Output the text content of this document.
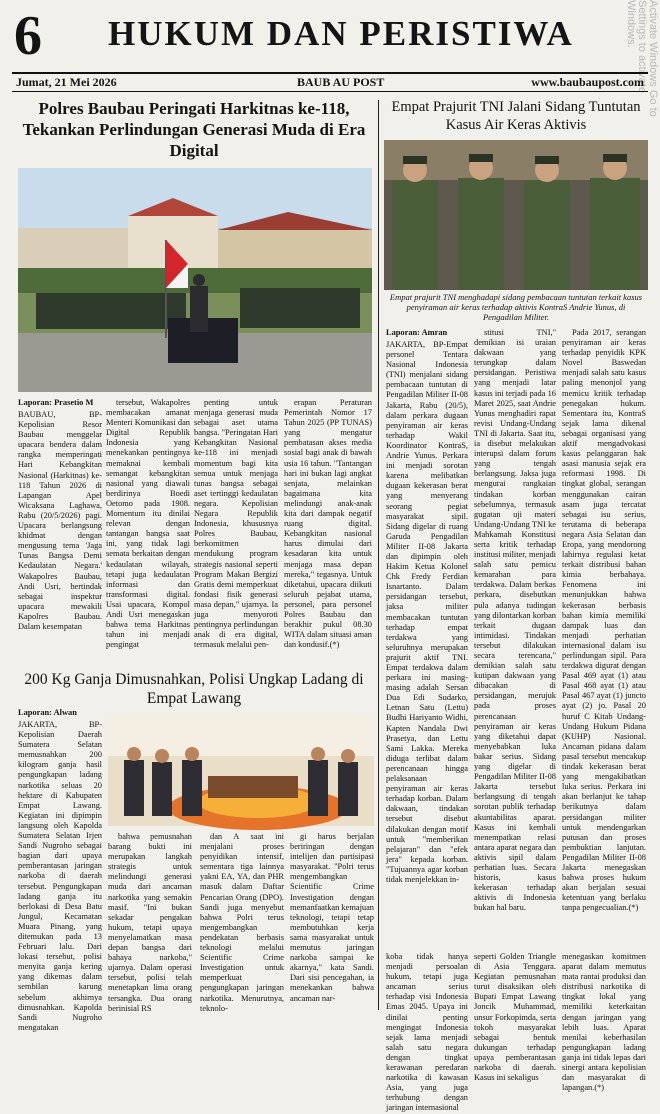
6 HUKUM DAN PERISTIWA	Activate Windows Go to Settings to activate Windows.
Jumat, 21 Mei 2026	BAUB AU POST	www.baubaupost.com
Polres Baubau Peringati Harkitnas ke-118, Tekankan Perlindungan Generasi Muda di Era Digital
Laporan: Prasetio M
BAUBAU, BP-Kepolisian Resor Baubau menggelar upacara bendera dalam rangka memperingati Hari Kebangkitan Nasional (Harkitnas) ke-118 Tahun 2026 di Lapangan Apel Wicaksana Laghawa, Rabu (20/5/2026) pagi. Upacara berlangsung khidmat dengan mengusung tema 'Jaga Tunas Bangsa Demi Kedaulatan Negara.' Wakapolres Baubau, Andi Usri, bertindak sebagai inspektur upacara mewakili Kapolres Baubau. Dalam kesempatan
tersebut, Wakapolres membacakan amanat Menteri Komunikasi dan Digital Republik Indonesia yang menekankan pentingnya memaknai kembali semangat kebangkitan nasional yang diawali berdirinya Boedi Oetomo pada 1908. Momentum itu dinilai relevan dengan tantangan bangsa saat ini, yang tidak lagi semata berkaitan dengan kedaulatan wilayah, tetapi juga kedaulatan informasi dan transformasi digital. Usai upacara, Kompol Andi Usri menegaskan bahwa tema Harkitnas tahun ini menjadi pengingat
penting untuk menjaga generasi muda sebagai aset utama bangsa. "Peringatan Hari Kebangkitan Nasional ke-118 ini menjadi momentum bagi kita semua untuk menjaga tunas bangsa sebagai aset tertinggi kedaulatan negara. Kepolisian Negara Republik Indonesia, khususnya Polres Baubau, berkomitmen mendukung program strategis nasional seperti Program Makan Bergizi Gratis demi memperkuat fondasi fisik generasi masa depan," ujarnya. Ia juga menyoroti pentingnya perlindungan anak di era digital, termasuk melalui pen-
erapan Peraturan Pemerintah Nomor 17 Tahun 2025 (PP TUNAS) yang mengatur pembatasan akses media sosial bagi anak di bawah usia 16 tahun. "Tantangan hari ini bukan lagi angkat senjata, melainkan bagaimana kita melindungi anak-anak kita dari dampak negatif ruang digital. Kebangkitan nasional harus dimulai dari kesadaran kita untuk menjaga masa depan mereka," tegasnya. Untuk diketahui, upacara diikuti seluruh pejabat utama, personel, para personel Polres Baubau dan berakhir pukul 08.30 WITA dalam situasi aman dan kondusif.(*)
Empat Prajurit TNI Jalani Sidang Tuntutan Kasus Air Keras Aktivis
Empat prajurit TNI menghadapi sidang pembacaan tuntutan terkait kasus penyiraman air keras terhadap aktivis KontraS Andrie Yunus, di Pengadilan Militer.
Laporan: Amran
JAKARTA, BP-Empat personel Tentara Nasional Indonesia (TNI) menjalani sidang pembacaan tuntutan di Pengadilan Militer II-08 Jakarta, Rabu (20/5), dalam perkara dugaan penyiraman air keras terhadap Wakil Koordinator KontraS, Andrie Yunus. Perkara ini menjadi sorotan karena melibatkan dugaan kekerasan berat yang menyerang seorang pegiat masyarakat sipil. Sidang digelar di ruang Garuda Pengadilan Militer II-08 Jakarta dan dipimpin oleh Hakim Ketua Kolonel Chk Fredy Ferdian Isnartanto. Dalam persidangan tersebut, jaksa militer membacakan tuntutan terhadap empat terdakwa yang seluruhnya merupakan prajurit aktif TNI. Empat terdakwa dalam perkara ini masing-masing adalah Sersan Dua Edi Sudarko, Letnan Satu (Lettu) Budhi Hariyanto Widhi, Kapten Nandala Dwi Prasetya, dan Lettu Sami Lakka. Mereka diduga terlibat dalam perencanaan hingga pelaksanaan penyiraman air keras terhadap korban. Dalam dakwaan, tindakan tersebut disebut dilakukan dengan motif untuk "memberikan pelajaran" dan "efek jera" kepada korban. "Tujuannya agar korban tidak menjelekkan in-
stitusi TNI," demikian isi uraian dakwaan yang terungkap dalam persidangan. Peristiwa yang menjadi latar kasus ini terjadi pada 16 Maret 2025, saat Andrie Yunus menghadiri rapat revisi Undang-Undang TNI di Jakarta. Saat itu, ia disebut melakukan interupsi dalam forum yang tengah berlangsung. Jaksa juga mengurai rangkaian tindakan korban sebelumnya, termasuk gugatan uji materi Undang-Undang TNI ke Mahkamah Konstitusi serta kritik terhadap institusi militer, menjadi salah satu pemicu kemarahan para terdakwa. Dalam berkas perkara, disebutkan pula adanya tudingan yang dilontarkan korban terkait dugaan intimidasi. Tindakan tersebut dilakukan secara terencana," demikian salah satu kutipan dakwaan yang dibacakan di persidangan, merujuk pada proses perencanaan penyiraman air keras yang diketahui dapat menyebabkan luka bakar serius. Sidang yang digelar di Pengadilan Militer II-08 Jakarta tersebut berlangsung di tengah sorotan publik terhadap akuntabilitas aparat. Kasus ini kembali menempatkan relasi antara aparat negara dan aktivis sipil dalam perhatian luas. Secara historis, kasus kekerasan terhadap aktivis di Indonesia bukan hal baru.
Pada 2017, serangan penyiraman air keras terhadap penyidik KPK Novel Baswedan menjadi salah satu kasus paling menonjol yang memicu kritik terhadap penegakan hukum. Sementara itu, KontraS sejak lama dikenal sebagai organisasi yang aktif mengadvokasi kasus pelanggaran hak asasi manusia sejak era reformasi 1998. Di tingkat global, serangan menggunakan cairan asam juga tercatat sebagai isu serius, terutama di beberapa negara Asia Selatan dan Eropa, yang mendorong lahirnya regulasi ketat terkait distribusi bahan kimia berbahaya. Fenomena ini menunjukkan bahwa kekerasan berbasis bahan kimia memiliki dampak luas dan menjadi perhatian internasional dalam isu perlindungan sipil. Para terdakwa digurat dengan Pasal 469 ayat (1) atau Pasal 468 ayat (1) atau Pasal 467 ayat (1) juncto ayat (2) jo. Pasal 20 huruf C Kitab Undang-Undang Hukum Pidana (KUHP) Nasional. Ancaman pidana dalam pasal tersebut mencakup tindak kekerasan berat yang mengakibatkan luka serius. Perkara ini akan berlanjut ke tahap berikutnya dalam persidangan militer untuk mendengarkan putusan dan proses pembuktian lanjutan. Pengadilan Militer II-08 Jakarta menegaskan bahwa proses hukum akan berjalan sesuai ketentuan yang berlaku tanpa pengecualian.(*)
200 Kg Ganja Dimusnahkan, Polisi Ungkap Ladang di Empat Lawang
Laporan: Alwan
JAKARTA, BP-Kepolisian Daerah Sumatera Selatan memusnahkan 200 kilogram ganja hasil pengungkapan ladang narkotika seluas 20 hektare di Kabupaten Empat Lawang. Kegiatan ini dipimpin langsung oleh Kapolda Sumatera Selatan Irjen Sandi Nugroho sebagai bagian dari upaya pemberantasan jaringan narkoba di daerah tersebut. Pengungkapan ladang ganja itu berlokasi di Desa Batu Jungul, Kecamatan Muara Pinang, yang ditemukan pada 13 Februari lalu. Dari lokasi tersebut, polisi menyita ganja kering yang dikemas dalam sembilan karung sebelum akhirnya dimusnahkan. Kapolda Sandi Nugroho mengatakan
bahwa pemusnahan barang bukti ini merupakan langkah strategis untuk melindungi generasi muda dari ancaman narkotika yang semakin masif. "Ini bukan sekadar pengakan hukum, tetapi upaya menyelamatkan masa depan bangsa dari bahaya narkoba," ujarnya. Dalam operasi tersebut, polisi telah menetapkan lima orang tersangka. Dua orang berinisial RS
dan A saat ini menjalani proses penyidikan intensif, sementara tiga lainnya yakni EA, YA, dan PHR masuk dalam Daftar Pencarian Orang (DPO). Sandi juga menyebut bahwa Polri terus mengembangkan pendekatan berbasis teknologi melalui Scientific Crime Investigation untuk memperkuat pengungkapan jaringan narkotika. Menurutnya, teknolo-
gi harus berjalan beriringan dengan intelijen dan partisipasi masyarakat. "Polri terus mengembangkan Scientific Crime Investigation dengan memanfaatkan kemajuan teknologi, tetapi tetap membutuhkan kerja sama masyarakat untuk memutus jaringan narkoba sampai ke akarnya," kata Sandi. Dari sisi pencegahan, ia menekankan bahwa ancaman nar-
koba tidak hanya menjadi persoalan hukum, tetapi juga ancaman serius terhadap visi Indonesia Emas 2045. Upaya ini dinilai penting mengingat Indonesia sejak lama menjadi salah satu negara dengan tingkat kerawanan peredaran narkotika di kawasan Asia, yang juga terhubung dengan jaringan internasional
seperti Golden Triangle di Asia Tenggara. Kegiatan pemusnahan turut disaksikan oleh Bupati Empat Lawang Joncik Muhammad, unsur Forkopimda, serta tokoh masyarakat sebagai bentuk dukungan terhadap upaya pemberantasan narkoba di daerah. Kasus ini sekaligus
menegaskan komitmen aparat dalam memutus mata rantai produksi dan distribusi narkotika di tingkat lokal yang memiliki keterkaitan dengan jaringan yang lebih luas. Aparat menilai keberhasilan pengungkapan ladang ganja ini tidak lepas dari sinergi antara kepolisian dan masyarakat di lapangan.(*)
